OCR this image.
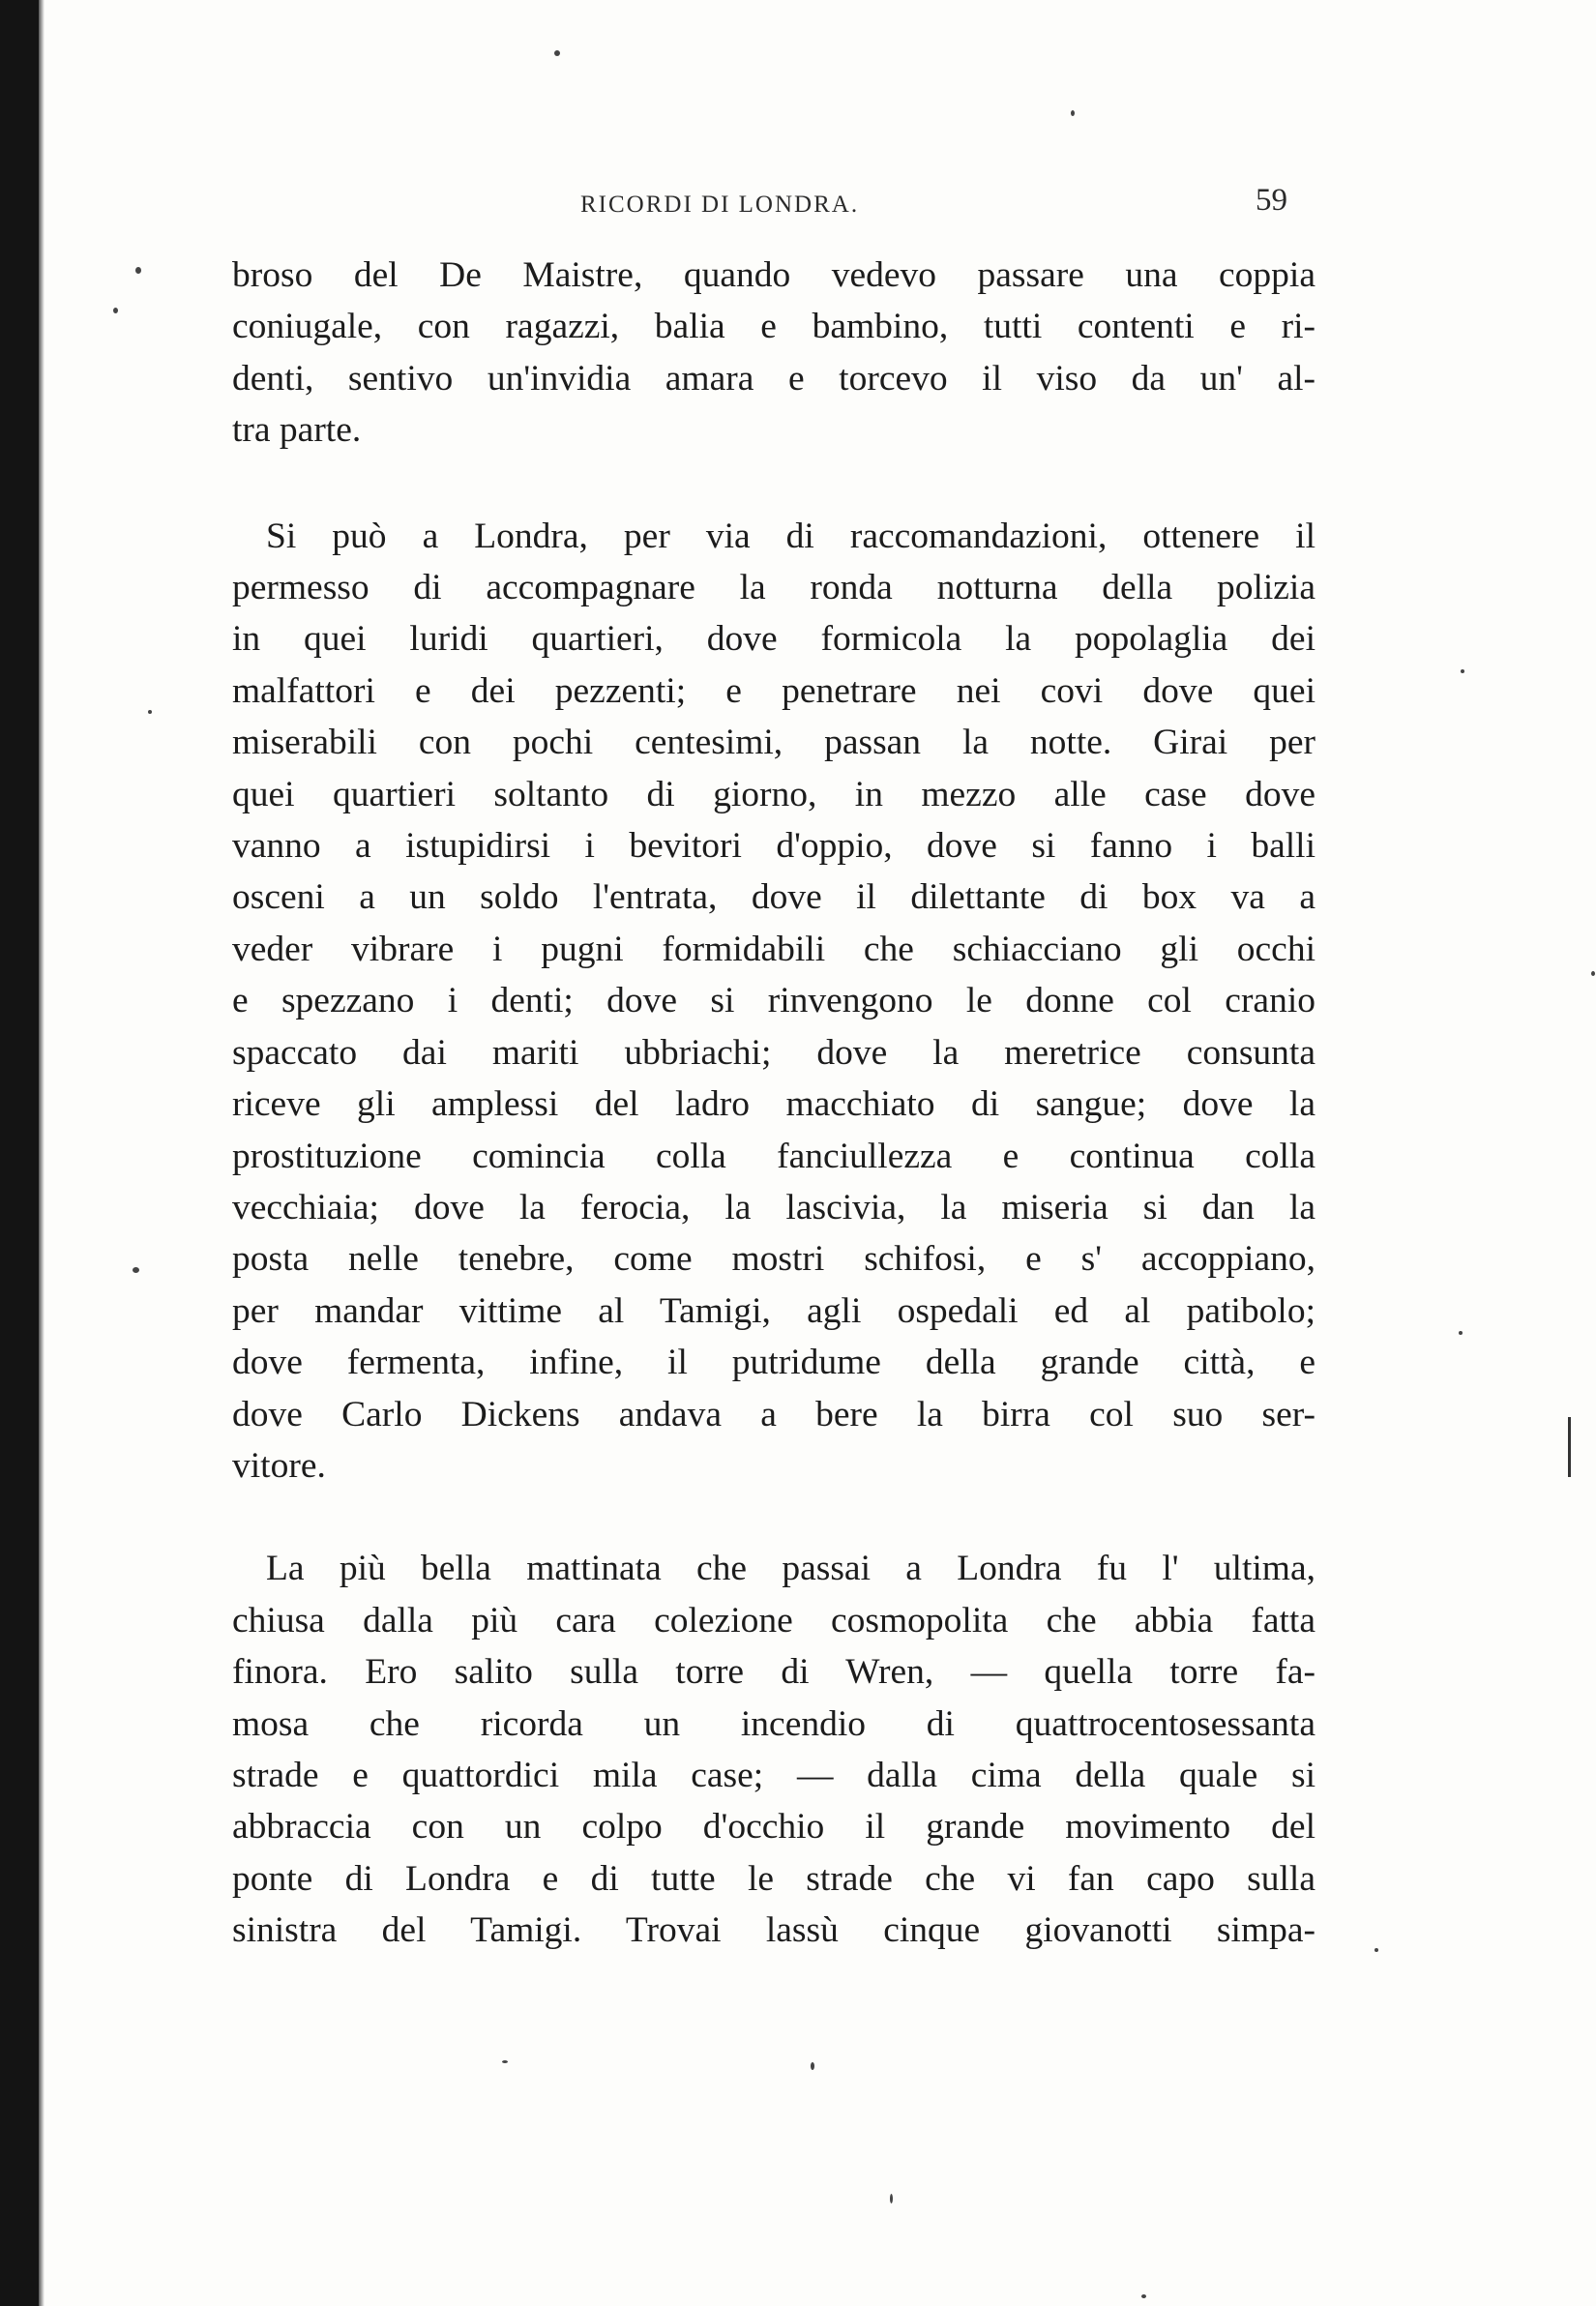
RICORDI DI LONDRA.	59
broso del De Maistre, quando vedevo passare una coppia
coniugale, con ragazzi, balia e bambino, tutti contenti e ri-
denti, sentivo un'invidia amara e torcevo il viso da un' al-
tra parte.
Si può a Londra, per via di raccomandazioni, ottenere il
permesso di accompagnare la ronda notturna della polizia
in quei luridi quartieri, dove formicola la popolaglia dei
malfattori e dei pezzenti; e penetrare nei covi dove quei
miserabili con pochi centesimi, passan la notte. Girai per
quei quartieri soltanto di giorno, in mezzo alle case dove
vanno a istupidirsi i bevitori d'oppio, dove si fanno i balli
osceni a un soldo l'entrata, dove il dilettante di box va a
veder vibrare i pugni formidabili che schiacciano gli occhi
e spezzano i denti; dove si rinvengono le donne col cranio
spaccato dai mariti ubbriachi; dove la meretrice consunta
riceve gli amplessi del ladro macchiato di sangue; dove la
prostituzione comincia colla fanciullezza e continua colla
vecchiaia; dove la ferocia, la lascivia, la miseria si dan la
posta nelle tenebre, come mostri schifosi, e s' accoppiano,
per mandar vittime al Tamigi, agli ospedali ed al patibolo;
dove fermenta, infine, il putridume della grande città, e
dove Carlo Dickens andava a bere la birra col suo ser-
vitore.
La più bella mattinata che passai a Londra fu l' ultima,
chiusa dalla più cara colezione cosmopolita che abbia fatta
finora. Ero salito sulla torre di Wren, — quella torre fa-
mosa che ricorda un incendio di quattrocentosessanta
strade e quattordici mila case; — dalla cima della quale si
abbraccia con un colpo d'occhio il grande movimento del
ponte di Londra e di tutte le strade che vi fan capo sulla
sinistra del Tamigi. Trovai lassù cinque giovanotti simpa-
